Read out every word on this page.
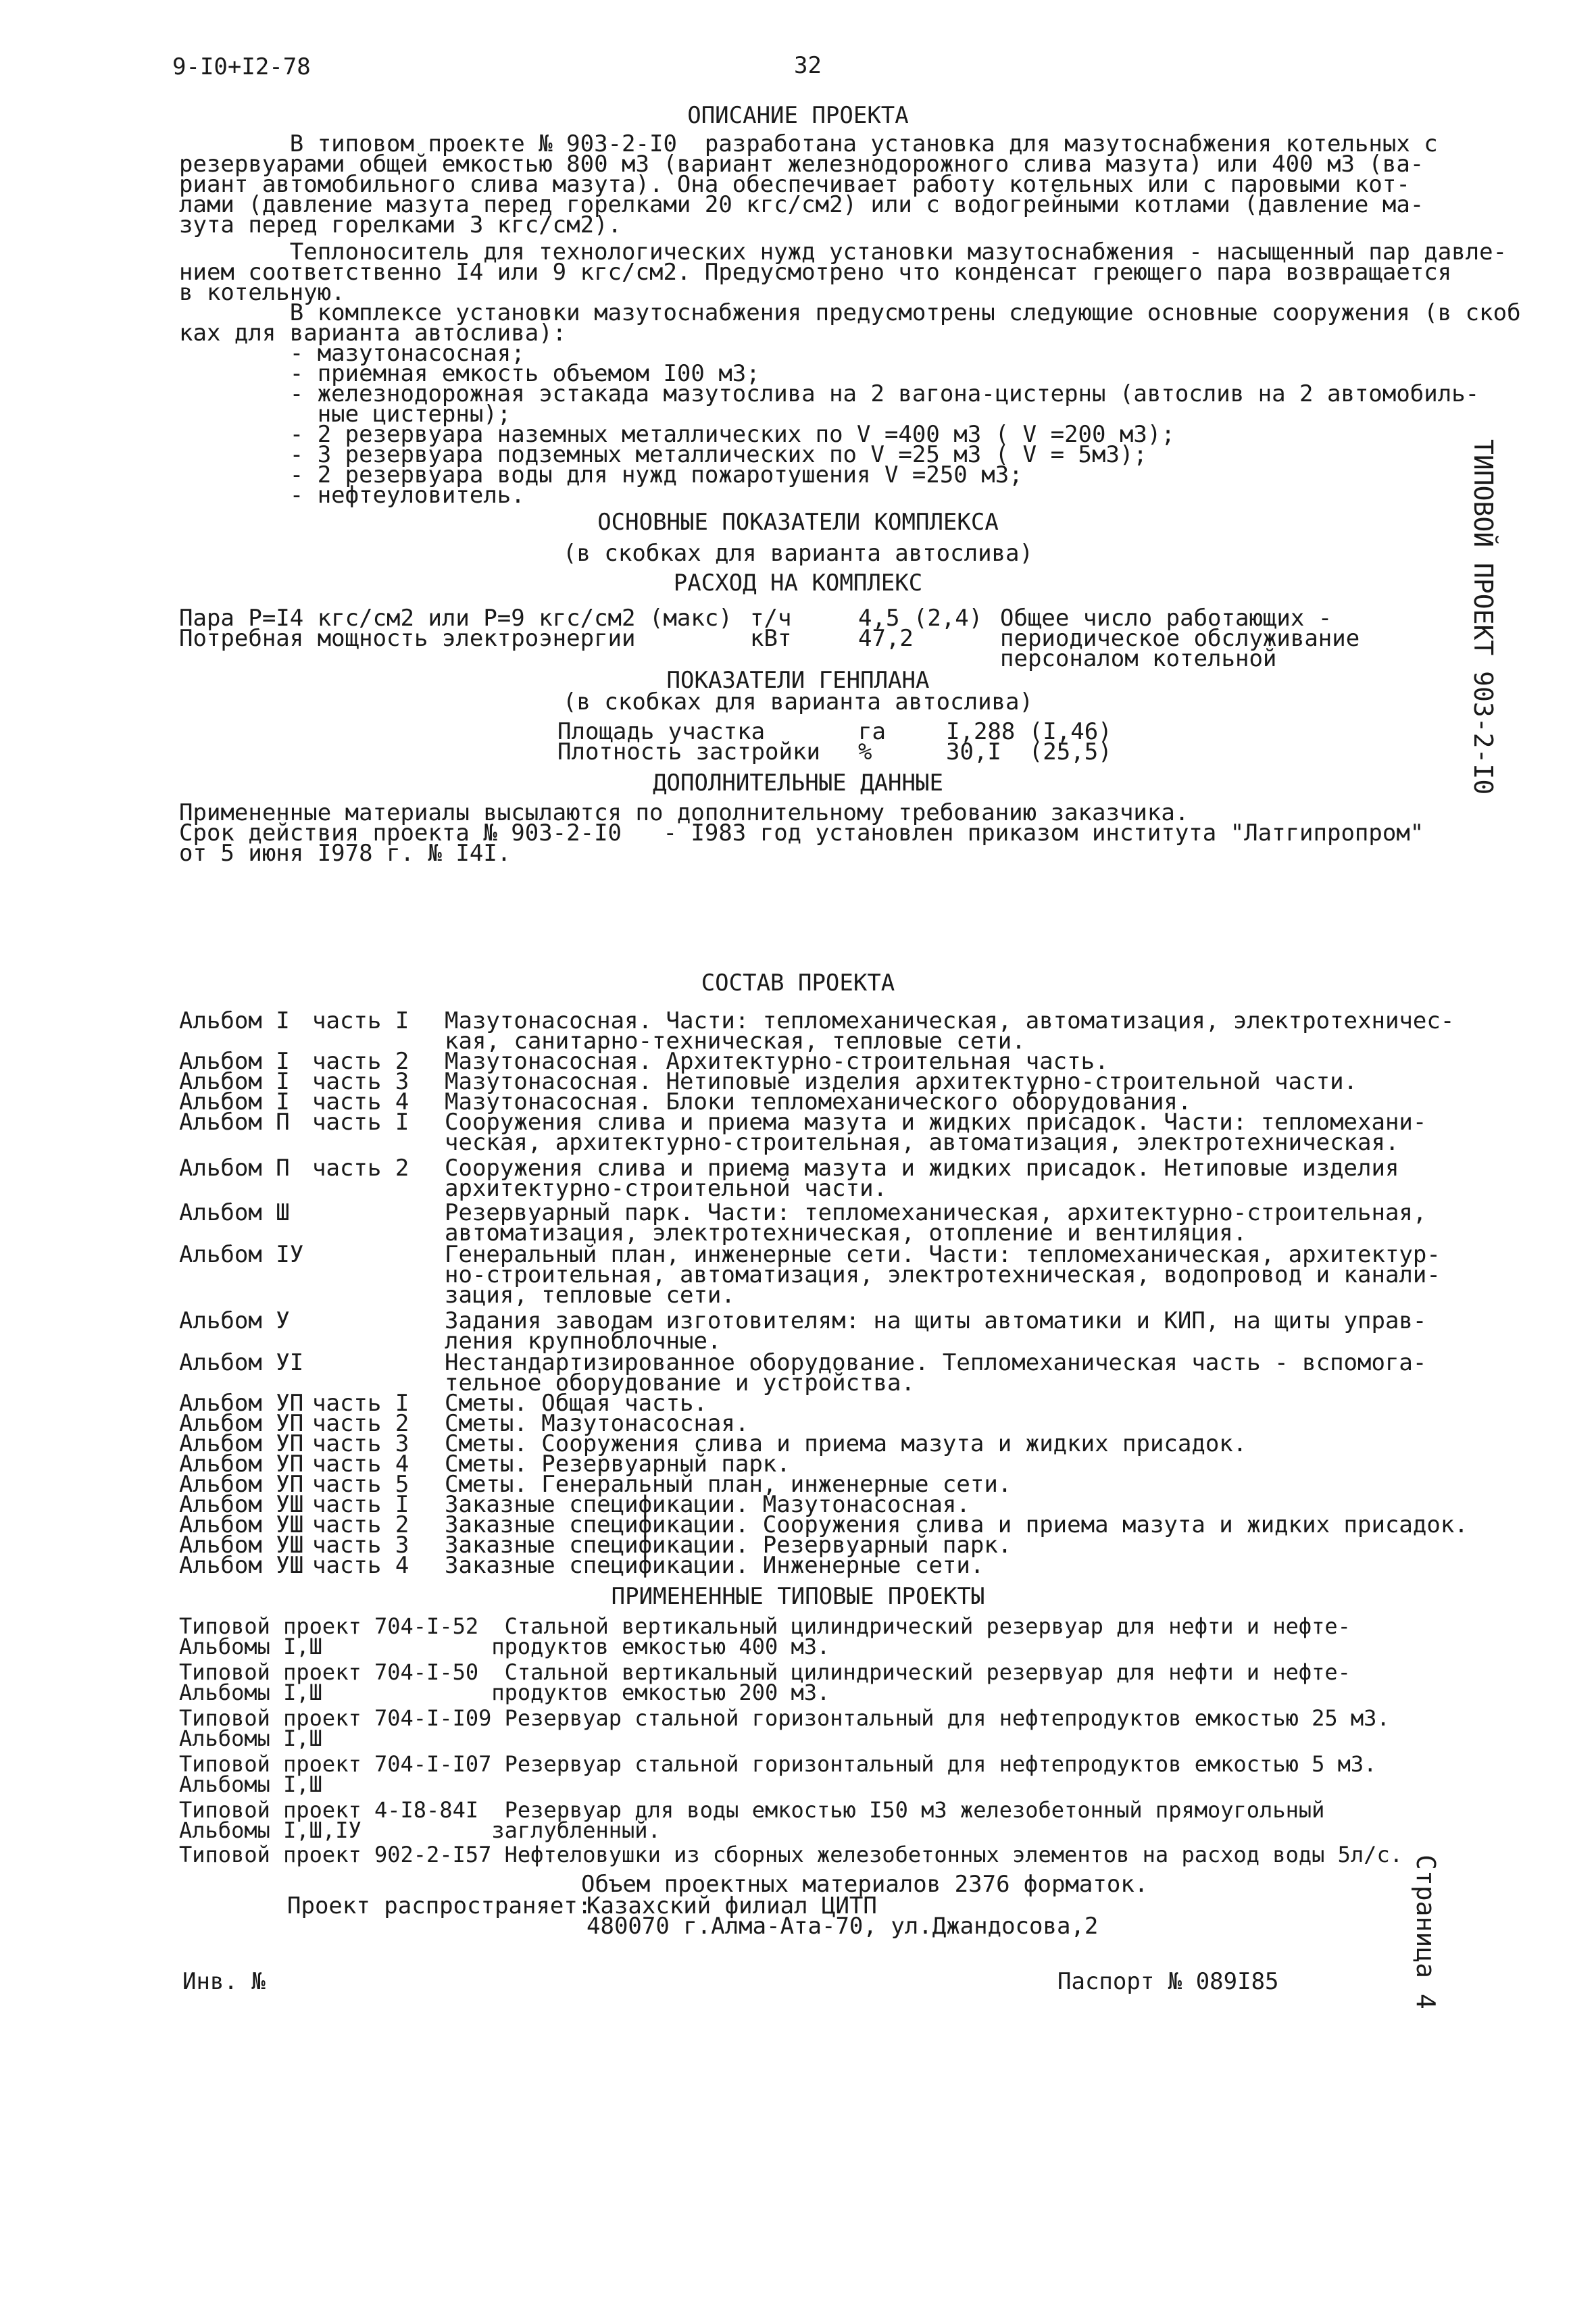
9-I0+I2-78	32
ОПИСАНИЕ ПРОЕКТА
В типовом проекте № 903-2-I0  разработана установка для мазутоснабжения котельных с
резервуарами общей емкостью 800 м3 (вариант железнодорожного слива мазута) или 400 м3 (ва-
риант автомобильного слива мазута). Она обеспечивает работу котельных или с паровыми кот-
лами (давление мазута перед горелками 20 кгс/см2) или с водогрейными котлами (давление ма-
зута перед горелками 3 кгс/см2).
Теплоноситель для технологических нужд установки мазутоснабжения - насыщенный пар давле-
нием соответственно I4 или 9 кгс/см2. Предусмотрено что конденсат греющего пара возвращается
в котельную.
В комплексе установки мазутоснабжения предусмотрены следующие основные сооружения (в скоб
ках для варианта автослива):
- мазутонасосная;
- приемная емкость объемом I00 м3;
- железнодорожная эстакада мазутослива на 2 вагона-цистерны (автослив на 2 автомобиль-
ные цистерны);
- 2 резервуара наземных металлических по V =400 м3 ( V =200 м3);
- 3 резервуара подземных металлических по V =25 м3 ( V = 5м3);
- 2 резервуара воды для нужд пожаротушения V =250 м3;
- нефтеуловитель.
ОСНОВНЫЕ ПОКАЗАТЕЛИ КОМПЛЕКСА
(в скобках для варианта автослива)
РАСХОД НА КОМПЛЕКС
Пара Р=I4 кгс/см2 или Р=9 кгс/см2 (макс) т/ч	4,5 (2,4)
Потребная мощность электроэнергии	кВт	47,2
Общее число работающих -
периодическое обслуживание
персоналом котельной
ПОКАЗАТЕЛИ ГЕНПЛАНА
(в скобках для варианта автослива)
Площадь участка	га	I,288 (I,46)
Плотность застройки %	30,I  (25,5)
ДОПОЛНИТЕЛЬНЫЕ ДАННЫЕ
Примененные материалы высылаются по дополнительному требованию заказчика.
Срок действия проекта № 903-2-I0   - I983 год установлен приказом института "Латгипропром"
от 5 июня I978 г. № I4I.
СОСТАВ ПРОЕКТА
Альбом I часть I Мазутонасосная. Части: тепломеханическая, автоматизация, электротехничес-
кая, санитарно-техническая, тепловые сети.
Альбом I часть 2 Мазутонасосная. Архитектурно-строительная часть.
Альбом I часть 3 Мазутонасосная. Нетиповые изделия архитектурно-строительной части.
Альбом I часть 4 Мазутонасосная. Блоки тепломеханического оборудования.
Альбом П часть I Сооружения слива и приема мазута и жидких присадок. Части: тепломехани-
ческая, архитектурно-строительная, автоматизация, электротехническая.
Альбом П часть 2 Сооружения слива и приема мазута и жидких присадок. Нетиповые изделия
архитектурно-строительной части.
Альбом Ш	Резервуарный парк. Части: тепломеханическая, архитектурно-строительная,
автоматизация, электротехническая, отопление и вентиляция.
Альбом IУ	Генеральный план, инженерные сети. Части: тепломеханическая, архитектур-
но-строительная, автоматизация, электротехническая, водопровод и канали-
зация, тепловые сети.
Альбом У	Задания заводам изготовителям: на щиты автоматики и КИП, на щиты управ-
ления крупноблочные.
Альбом УI	Нестандартизированное оборудование. Тепломеханическая часть - вспомога-
тельное оборудование и устройства.
Альбом УП часть I Сметы. Общая часть.
Альбом УП часть 2 Сметы. Мазутонасосная.
Альбом УП часть 3 Сметы. Сооружения слива и приема мазута и жидких присадок.
Альбом УП часть 4 Сметы. Резервуарный парк.
Альбом УП часть 5 Сметы. Генеральный план, инженерные сети.
Альбом УШ часть I Заказные спецификации. Мазутонасосная.
Альбом УШ часть 2 Заказные спецификации. Сооружения слива и приема мазута и жидких присадок.
Альбом УШ часть 3 Заказные спецификации. Резервуарный парк.
Альбом УШ часть 4 Заказные спецификации. Инженерные сети.
ПРИМЕНЕННЫЕ ТИПОВЫЕ ПРОЕКТЫ
Типовой проект 704-I-52  Стальной вертикальный цилиндрический резервуар для нефти и нефте-
Альбомы I,Ш             продуктов емкостью 400 м3.
Типовой проект 704-I-50  Стальной вертикальный цилиндрический резервуар для нефти и нефте-
Альбомы I,Ш             продуктов емкостью 200 м3.
Типовой проект 704-I-I09 Резервуар стальной горизонтальный для нефтепродуктов емкостью 25 м3.
Альбомы I,Ш
Типовой проект 704-I-I07 Резервуар стальной горизонтальный для нефтепродуктов емкостью 5 м3.
Альбомы I,Ш
Типовой проект 4-I8-84I  Резервуар для воды емкостью I50 м3 железобетонный прямоугольный
Альбомы I,Ш,IУ          заглубленный.
Типовой проект 902-2-I57 Нефтеловушки из сборных железобетонных элементов на расход воды 5л/с.
Объем проектных материалов 2376 форматок.
Проект распространяет:
Казахский филиал ЦИТП
480070 г.Алма-Ата-70, ул.Джандосова,2
Инв. №	Паспорт № 089I85
ТИПОВОЙ ПРОЕКТ 903-2-I0
Страница 4
